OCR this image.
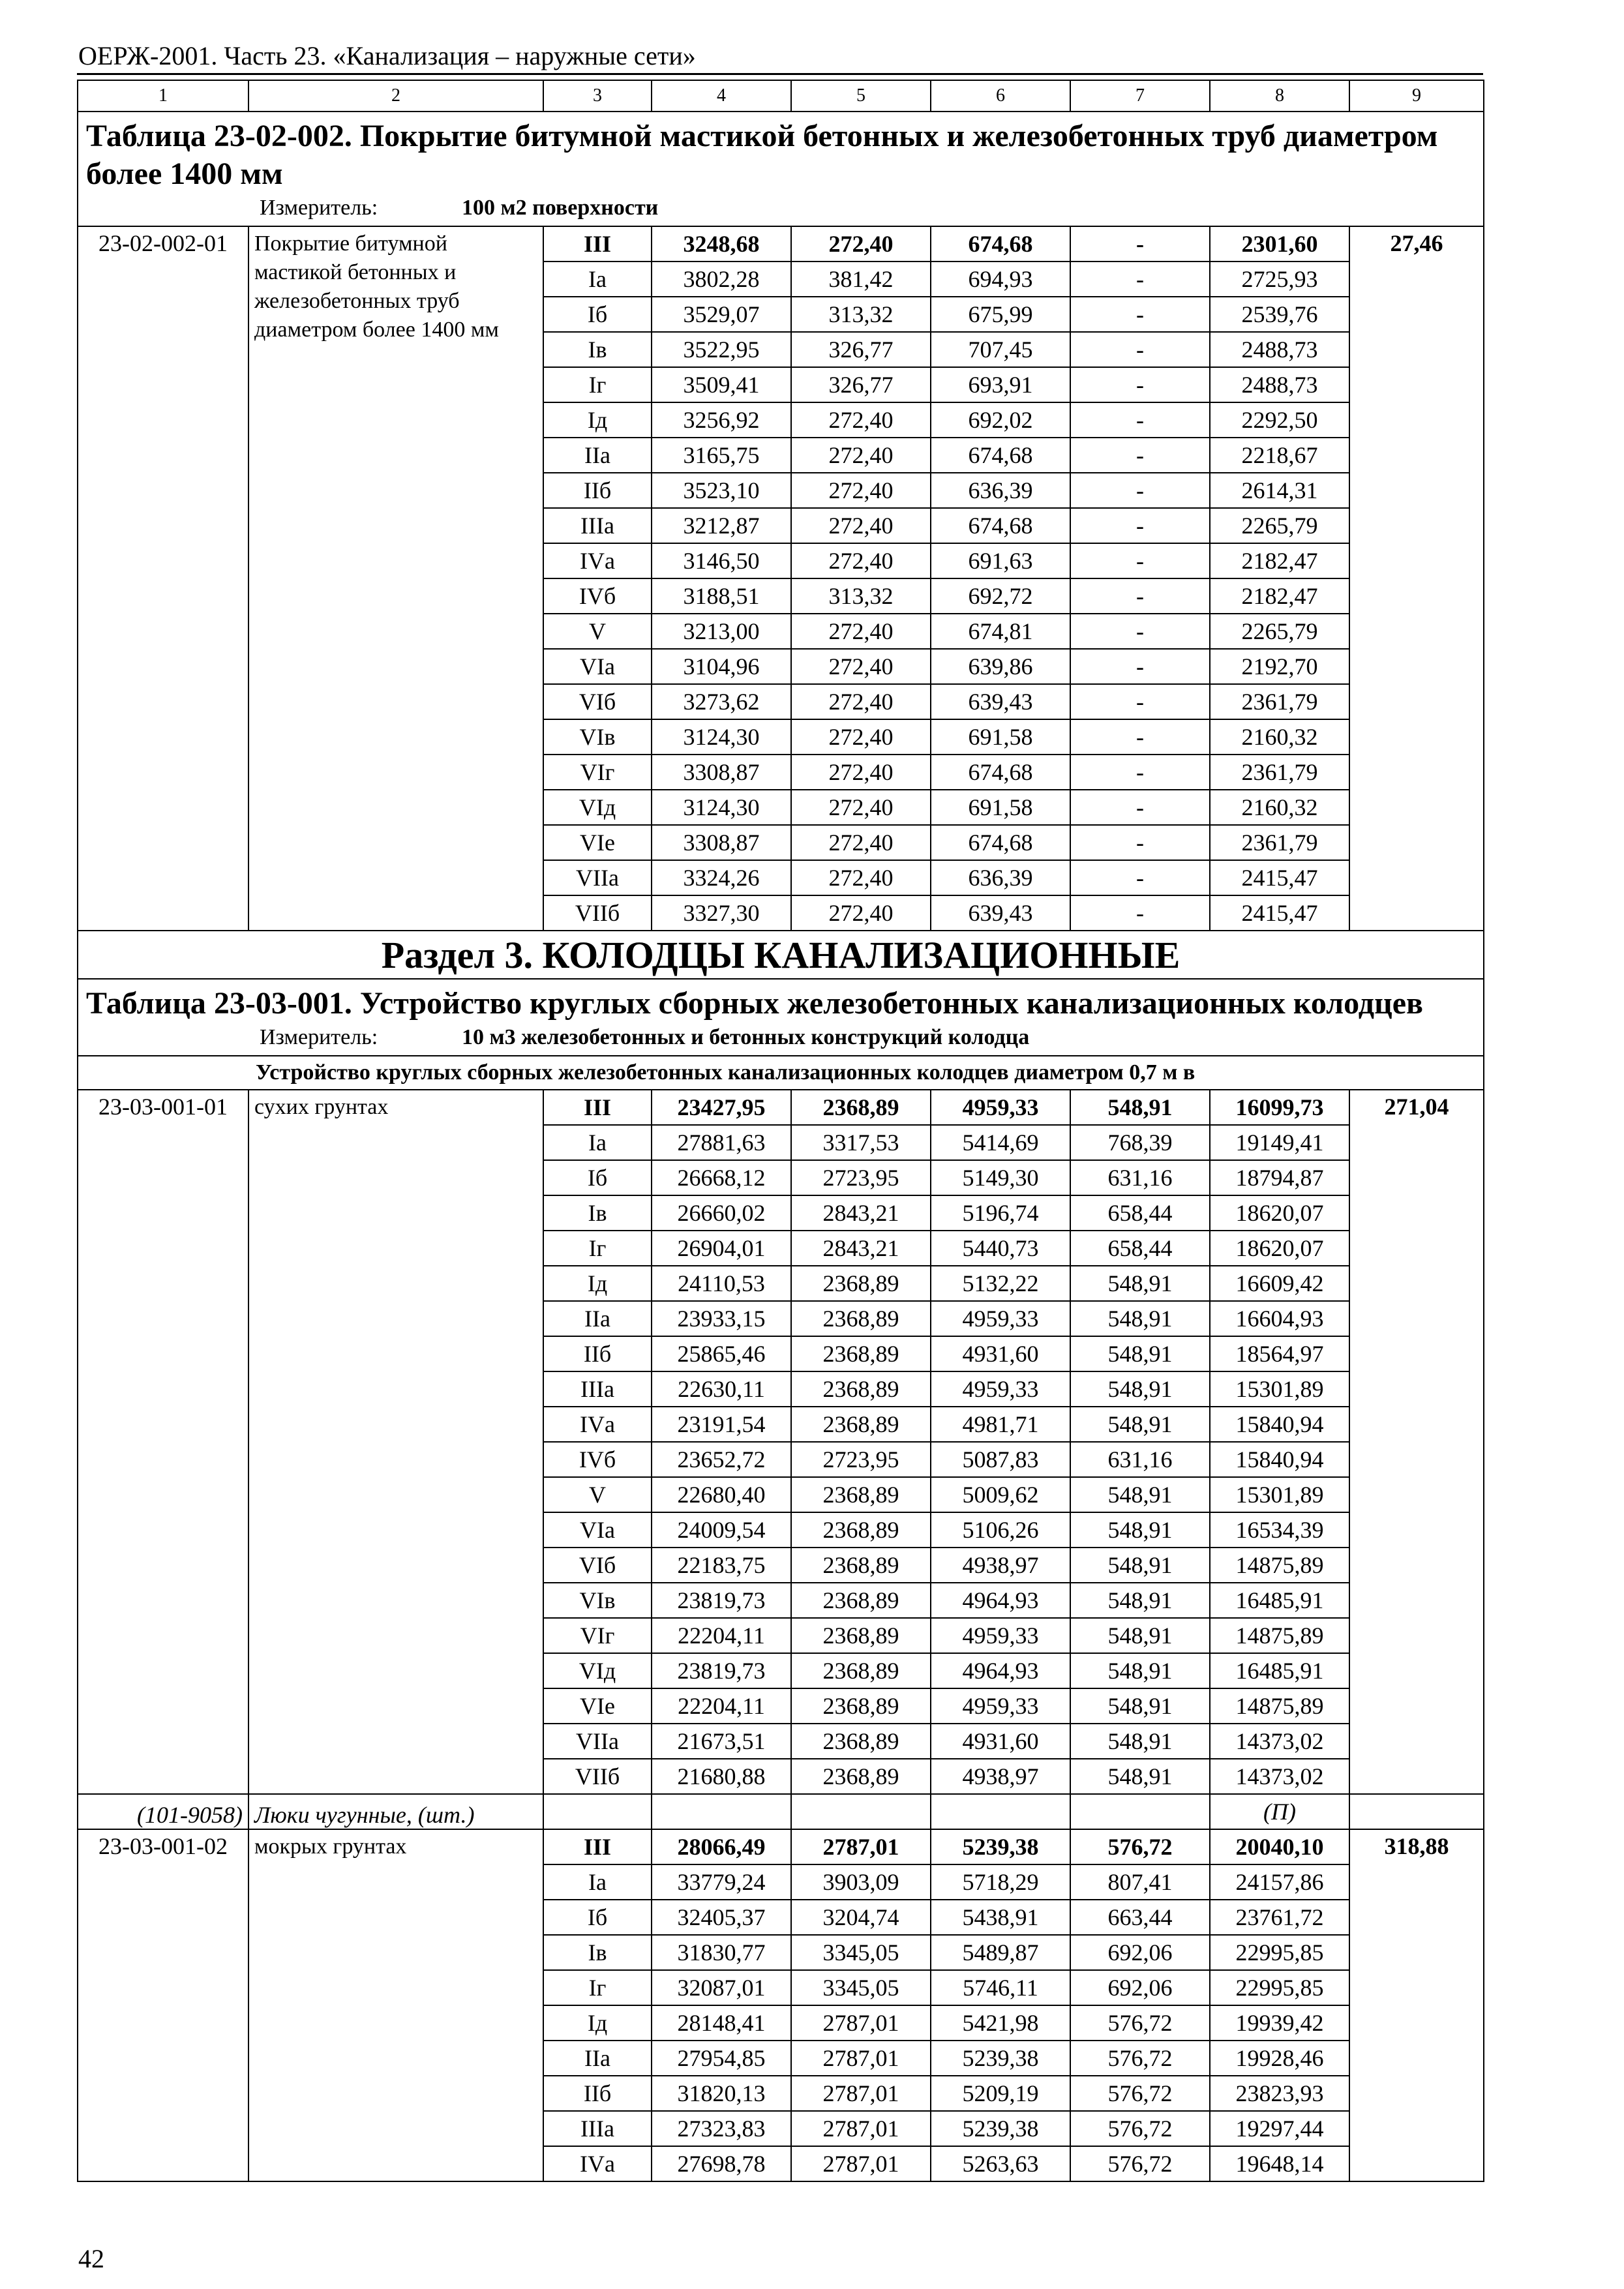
ОЕРЖ-2001. Часть 23. «Канализация – наружные сети»
1	2	3	4	5	6	7	8	9

Таблица 23-02-002. Покрытие битумной мастикой бетонных и железобетонных труб диаметром более 1400 мм
Измеритель: 100 м2 поверхности								

23-02-002-01	Покрытие битумной мастикой бетонных и железобетонных труб диаметром более 1400 мм	III	3248,68	272,40	674,68	-	2301,60	27,46
		Iа	3802,28	381,42	694,93	-	2725,93	
		Iб	3529,07	313,32	675,99	-	2539,76	
		Iв	3522,95	326,77	707,45	-	2488,73	
		Iг	3509,41	326,77	693,91	-	2488,73	
		Iд	3256,92	272,40	692,02	-	2292,50	
		IIа	3165,75	272,40	674,68	-	2218,67	
		IIб	3523,10	272,40	636,39	-	2614,31	
		IIIа	3212,87	272,40	674,68	-	2265,79	
		IVа	3146,50	272,40	691,63	-	2182,47	
		IVб	3188,51	313,32	692,72	-	2182,47	
		V	3213,00	272,40	674,81	-	2265,79	
		VIа	3104,96	272,40	639,86	-	2192,70	
		VIб	3273,62	272,40	639,43	-	2361,79	
		VIв	3124,30	272,40	691,58	-	2160,32	
		VIг	3308,87	272,40	674,68	-	2361,79	
		VIд	3124,30	272,40	691,58	-	2160,32	
		VIе	3308,87	272,40	674,68	-	2361,79	
		VIIа	3324,26	272,40	636,39	-	2415,47	
		VIIб	3327,30	272,40	639,43	-	2415,47	
Раздел 3. КОЛОДЦЫ КАНАЛИЗАЦИОННЫЕ								

Таблица 23-03-001. Устройство круглых сборных железобетонных канализационных колодцев
Измеритель: 10 м3 железобетонных и бетонных конструкций колодца								

Устройство круглых сборных железобетонных канализационных колодцев диаметром 0,7 м в								
23-03-001-01	сухих грунтах	III	23427,95	2368,89	4959,33	548,91	16099,73	271,04
		Iа	27881,63	3317,53	5414,69	768,39	19149,41	
		Iб	26668,12	2723,95	5149,30	631,16	18794,87	
		Iв	26660,02	2843,21	5196,74	658,44	18620,07	
		Iг	26904,01	2843,21	5440,73	658,44	18620,07	
		Iд	24110,53	2368,89	5132,22	548,91	16609,42	
		IIа	23933,15	2368,89	4959,33	548,91	16604,93	
		IIб	25865,46	2368,89	4931,60	548,91	18564,97	
		IIIа	22630,11	2368,89	4959,33	548,91	15301,89	
		IVа	23191,54	2368,89	4981,71	548,91	15840,94	
		IVб	23652,72	2723,95	5087,83	631,16	15840,94	
		V	22680,40	2368,89	5009,62	548,91	15301,89	
		VIа	24009,54	2368,89	5106,26	548,91	16534,39	
		VIб	22183,75	2368,89	4938,97	548,91	14875,89	
		VIв	23819,73	2368,89	4964,93	548,91	16485,91	
		VIг	22204,11	2368,89	4959,33	548,91	14875,89	
		VIд	23819,73	2368,89	4964,93	548,91	16485,91	
		VIе	22204,11	2368,89	4959,33	548,91	14875,89	
		VIIа	21673,51	2368,89	4931,60	548,91	14373,02	
		VIIб	21680,88	2368,89	4938,97	548,91	14373,02	
(101-9058)	Люки чугунные, (шт.)						(П)	
23-03-001-02	мокрых грунтах	III	28066,49	2787,01	5239,38	576,72	20040,10	318,88
		Iа	33779,24	3903,09	5718,29	807,41	24157,86	
		Iб	32405,37	3204,74	5438,91	663,44	23761,72	
		Iв	31830,77	3345,05	5489,87	692,06	22995,85	
		Iг	32087,01	3345,05	5746,11	692,06	22995,85	
		Iд	28148,41	2787,01	5421,98	576,72	19939,42	
		IIа	27954,85	2787,01	5239,38	576,72	19928,46	
		IIб	31820,13	2787,01	5209,19	576,72	23823,93	
		IIIа	27323,83	2787,01	5239,38	576,72	19297,44	
		IVа	27698,78	2787,01	5263,63	576,72	19648,14	
42
